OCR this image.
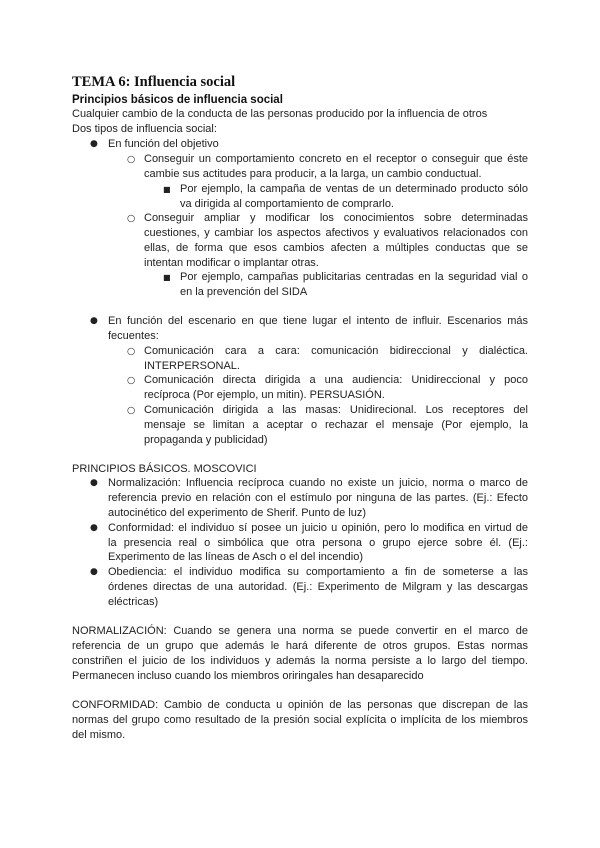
TEMA 6: Influencia social
Principios básicos de influencia social
Cualquier cambio de la conducta de las personas producido por la influencia de otros
Dos tipos de influencia social:
● En función del objetivo
○ Conseguir un comportamiento concreto en el receptor o conseguir que éste
cambie sus actitudes para producir, a la larga, un cambio conductual.
■ Por ejemplo, la campaña de ventas de un determinado producto sólo
va dirigida al comportamiento de comprarlo.
○ Conseguir ampliar y modificar los conocimientos sobre determinadas
cuestiones, y cambiar los aspectos afectivos y evaluativos relacionados con
ellas, de forma que esos cambios afecten a múltiples conductas que se
intentan modificar o implantar otras.
■ Por ejemplo, campañas publicitarias centradas en la seguridad vial o
en la prevención del SIDA
● En función del escenario en que tiene lugar el intento de influir. Escenarios más
fecuentes:
○ Comunicación cara a cara: comunicación bidireccional y dialéctica.
INTERPERSONAL.
○ Comunicación directa dirigida a una audiencia: Unidireccional y poco
recíproca (Por ejemplo, un mitin). PERSUASIÓN.
○ Comunicación dirigida a las masas: Unidirecional. Los receptores del
mensaje se limitan a aceptar o rechazar el mensaje (Por ejemplo, la
propaganda y publicidad)
PRINCIPIOS BÁSICOS. MOSCOVICI
● Normalización: Influencia recíproca cuando no existe un juicio, norma o marco de
referencia previo en relación con el estímulo por ninguna de las partes. (Ej.: Efecto
autocinético del experimento de Sherif. Punto de luz)
● Conformidad: el individuo sí posee un juicio u opinión, pero lo modifica en virtud de
la presencia real o simbólica que otra persona o grupo ejerce sobre él. (Ej.:
Experimento de las líneas de Asch o el del incendio)
● Obediencia: el individuo modifica su comportamiento a fin de someterse a las
órdenes directas de una autoridad. (Ej.: Experimento de Milgram y las descargas
eléctricas)
NORMALIZACIÓN: Cuando se genera una norma se puede convertir en el marco de
referencia de un grupo que además le hará diferente de otros grupos. Estas normas
constriñen el juicio de los individuos y además la norma persiste a lo largo del tiempo.
Permanecen incluso cuando los miembros oriringales han desaparecido
CONFORMIDAD: Cambio de conducta u opinión de las personas que discrepan de las
normas del grupo como resultado de la presión social explícita o implícita de los miembros
del mismo.
